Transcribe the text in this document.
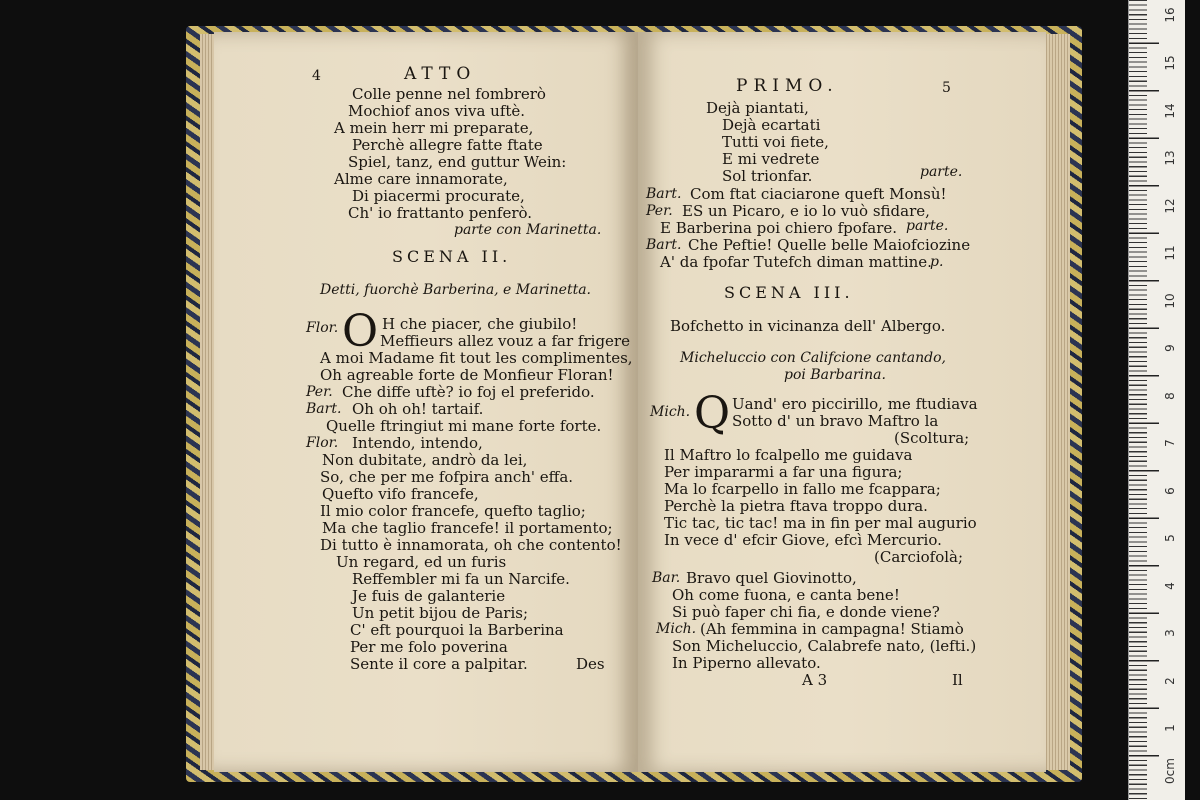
4	ATTO
Colle penne nel fombrerò
Mochiof anos viva uftè.
A mein herr mi preparate,
Perchè allegre fatte ftate
Spiel, tanz, end guttur Wein:
Alme care innamorate,
Di piacermi procurate,
Ch' io frattanto penferò.
parte con Marinetta.
SCENA II.
Detti, fuorchè Barberina, e Marinetta.
Flor. O H che piacer, che giubilo!
Meffieurs allez vouz a far frigere
A moi Madame fit tout les complimentes,
Oh agreable forte de Monfieur Floran!
Per. Che diffe uftè? io foj el preferido.
Bart. Oh oh oh! tartaif.
Quelle ftringiut mi mane forte forte.
Flor. Intendo, intendo,
Non dubitate, andrò da lei,
So, che per me fofpira anch' effa.
Quefto vifo francefe,
Il mio color francefe, quefto taglio;
Ma che taglio francefe! il portamento;
Di tutto è innamorata, oh che contento!
Un regard, ed un furis
Reffembler mi fa un Narcife.
Je fuis de galanterie
Un petit bijou de Paris;
C' eft pourquoi la Barberina
Per me folo poverina
Sente il core a palpitar.	Des
PRIMO.	5
Dejà piantati,
Dejà ecartati
Tutti voi fiete,
E mi vedrete
Sol trionfar.	parte.
Bart. Com ftat ciaciarone queft Monsù!
Per. ES un Picaro, e io lo vuò sfidare,
E Barberina poi chiero fpofare. parte.
Bart. Che Peftie! Quelle belle Maiofciozine
A' da fpofar Tutefch diman mattine.
p.
SCENA III.
Bofchetto in vicinanza dell' Albergo.
Micheluccio con Califcione cantando,
poi Barbarina.
Mich. Q Uand' ero piccirillo, me ftudiava
Sotto d' un bravo Maftro la
(Scoltura;
Il Maftro lo fcalpello me guidava
Per impararmi a far una figura;
Ma lo fcarpello in fallo me fcappara;
Perchè la pietra ftava troppo dura.
Tic tac, tic tac! ma in fin per mal augurio
In vece d' efcir Giove, efcì Mercurio.
(Carciofolà;
Bar. Bravo quel Giovinotto,
Oh come fuona, e canta bene!
Si può faper chi fia, e donde viene?
Mich. (Ah femmina in campagna! Stiamò
Son Micheluccio, Calabrefe nato, (lefti.)
In Piperno allevato.
A 3	Il
16
15
14
13
12
11
10
9
8
7
6
5
4
3
2
1
0cm
